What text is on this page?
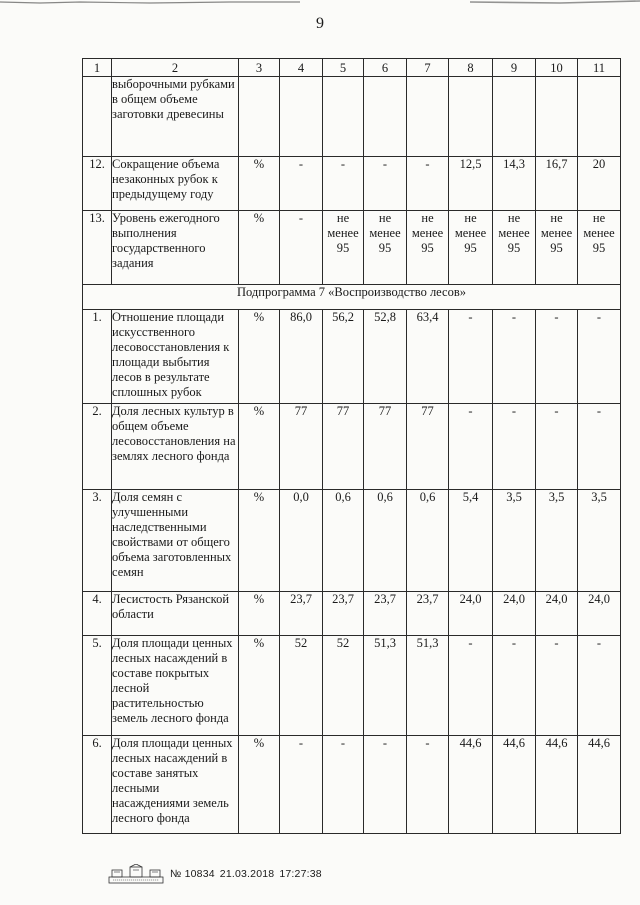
9
1	2	3	4	5	6	7	8	9	10	11
	выборочными рубками в общем объеме заготовки древесины									
12.	Сокращение объема незаконных рубок к предыдущему году	%	-	-	-	-	12,5	14,3	16,7	20
13.	Уровень ежегодного выполнения государственного задания	%	-	не менее 95	не менее 95	не менее 95	не менее 95	не менее 95	не менее 95	не менее 95
Подпрограмма 7 «Воспроизводство лесов»										
1.	Отношение площади искусственного лесовосстановления к площади выбытия лесов в результате сплошных рубок	%	86,0	56,2	52,8	63,4	-	-	-	-
2.	Доля лесных культур в общем объеме лесовосстановления на землях лесного фонда	%	77	77	77	77	-	-	-	-
3.	Доля семян с улучшенными наследственными свойствами от общего объема заготовленных семян	%	0,0	0,6	0,6	0,6	5,4	3,5	3,5	3,5
4.	Лесистость Рязанской области	%	23,7	23,7	23,7	23,7	24,0	24,0	24,0	24,0
5.	Доля площади ценных лесных насаждений в составе покрытых лесной растительностью земель лесного фонда	%	52	52	51,3	51,3	-	-	-	-
6.	Доля площади ценных лесных насаждений в составе занятых лесными насаждениями земель лесного фонда	%	-	-	-	-	44,6	44,6	44,6	44,6
№ 10834 21.03.2018 17:27:38
